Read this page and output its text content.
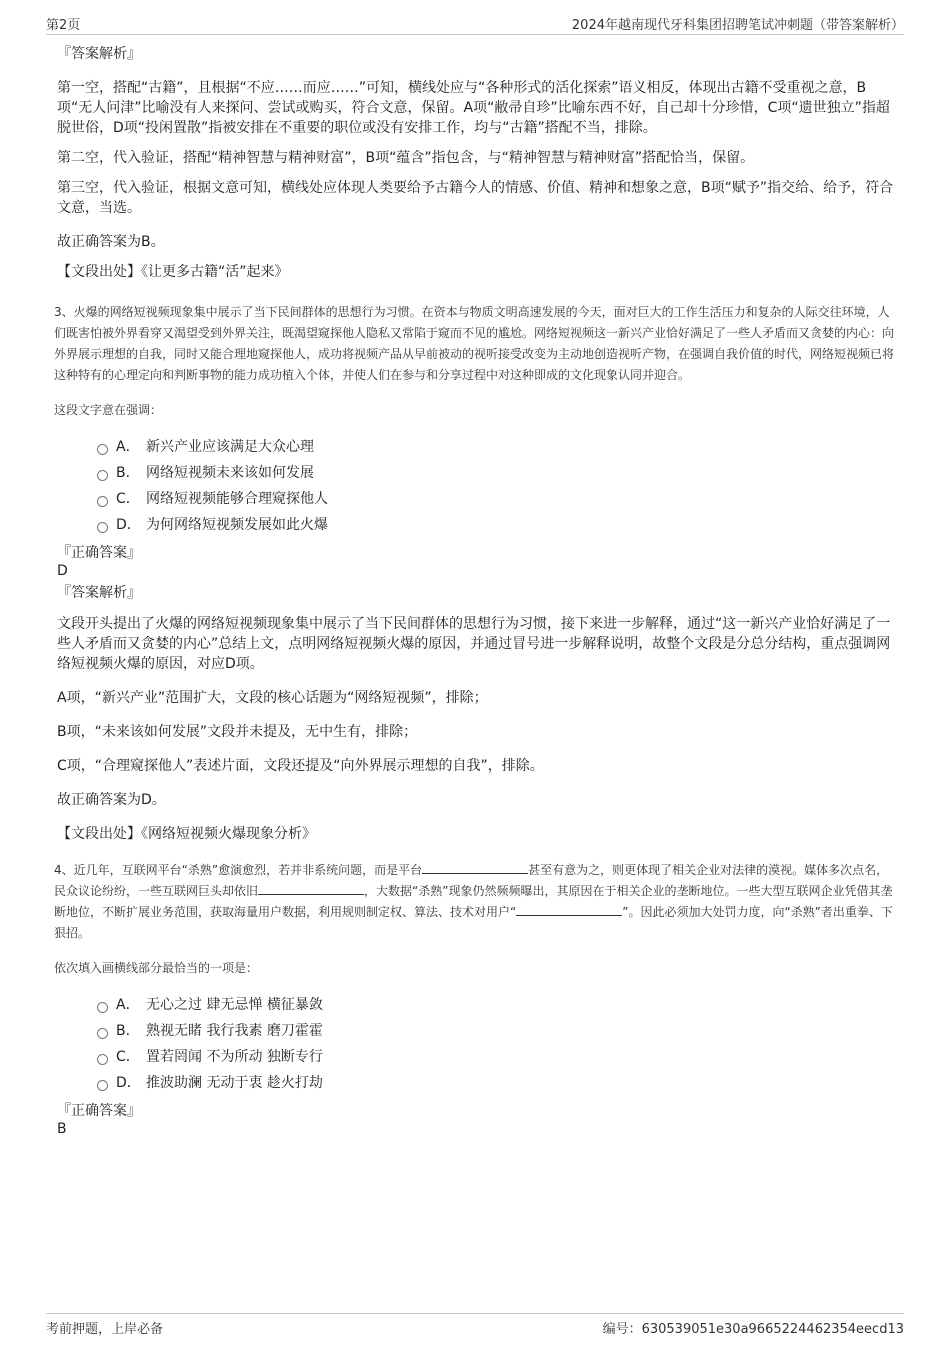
第2页	2024年越南现代牙科集团招聘笔试冲刺题（带答案解析）

『答案解析』

第一空，搭配“古籍”，且根据“不应……而应……”可知，横线处应与“各种形式的活化探索”语义相反，体现出古籍不受重视之意，B项“无人问津”比喻没有人来探问、尝试或购买，符合文意，保留。A项“敝帚自珍”比喻东西不好，自己却十分珍惜，C项“遗世独立”指超脱世俗，D项“投闲置散”指被安排在不重要的职位或没有安排工作，均与“古籍”搭配不当，排除。

第二空，代入验证，搭配“精神智慧与精神财富”，B项“蕴含”指包含，与“精神智慧与精神财富”搭配恰当，保留。

第三空，代入验证，根据文意可知，横线处应体现人类要给予古籍今人的情感、价值、精神和想象之意，B项“赋予”指交给、给予，符合文意，当选。

故正确答案为B。

【文段出处】《让更多古籍“活”起来》

3、火爆的网络短视频现象集中展示了当下民间群体的思想行为习惯。在资本与物质文明高速发展的今天，面对巨大的工作生活压力和复杂的人际交往环境，人们既害怕被外界看穿又渴望受到外界关注，既渴望窥探他人隐私又常陷于窥而不见的尴尬。网络短视频这一新兴产业恰好满足了一些人矛盾而又贪婪的内心：向外界展示理想的自我，同时又能合理地窥探他人，成功将视频产品从早前被动的视听接受改变为主动地创造视听产物，在强调自我价值的时代，网络短视频已将这种特有的心理定向和判断事物的能力成功植入个体，并使人们在参与和分享过程中对这种即成的文化现象认同并迎合。

这段文字意在强调：

A． 新兴产业应该满足大众心理
B． 网络短视频未来该如何发展
C． 网络短视频能够合理窥探他人
D． 为何网络短视频发展如此火爆

『正确答案』

D

『答案解析』

文段开头提出了火爆的网络短视频现象集中展示了当下民间群体的思想行为习惯，接下来进一步解释，通过“这一新兴产业恰好满足了一些人矛盾而又贪婪的内心”总结上文，点明网络短视频火爆的原因，并通过冒号进一步解释说明，故整个文段是分总分结构，重点强调网络短视频火爆的原因，对应D项。

A项，“新兴产业”范围扩大，文段的核心话题为“网络短视频”，排除；

B项，“未来该如何发展”文段并未提及，无中生有，排除；

C项，“合理窥探他人”表述片面，文段还提及“向外界展示理想的自我”，排除。

故正确答案为D。

【文段出处】《网络短视频火爆现象分析》

4、近几年，互联网平台“杀熟”愈演愈烈，若并非系统问题，而是平台	甚至有意为之，则更体现了相关企业对法律的漠视。媒体多次点名，民众议论纷纷，一些互联网巨头却依旧	，大数据“杀熟”现象仍然频频曝出，其原因在于相关企业的垄断地位。一些大型互联网企业凭借其垄断地位，不断扩展业务范围，获取海量用户数据，利用规则制定权、算法、技术对用户“	”。因此必须加大处罚力度，向“杀熟”者出重拳、下狠招。

依次填入画横线部分最恰当的一项是：

A． 无心之过 肆无忌惮 横征暴敛
B． 熟视无睹 我行我素 磨刀霍霍
C． 置若罔闻 不为所动 独断专行
D． 推波助澜 无动于衷 趁火打劫

『正确答案』

B

考前押题，上岸必备	编号：630539051e30a9665224462354eecd13
